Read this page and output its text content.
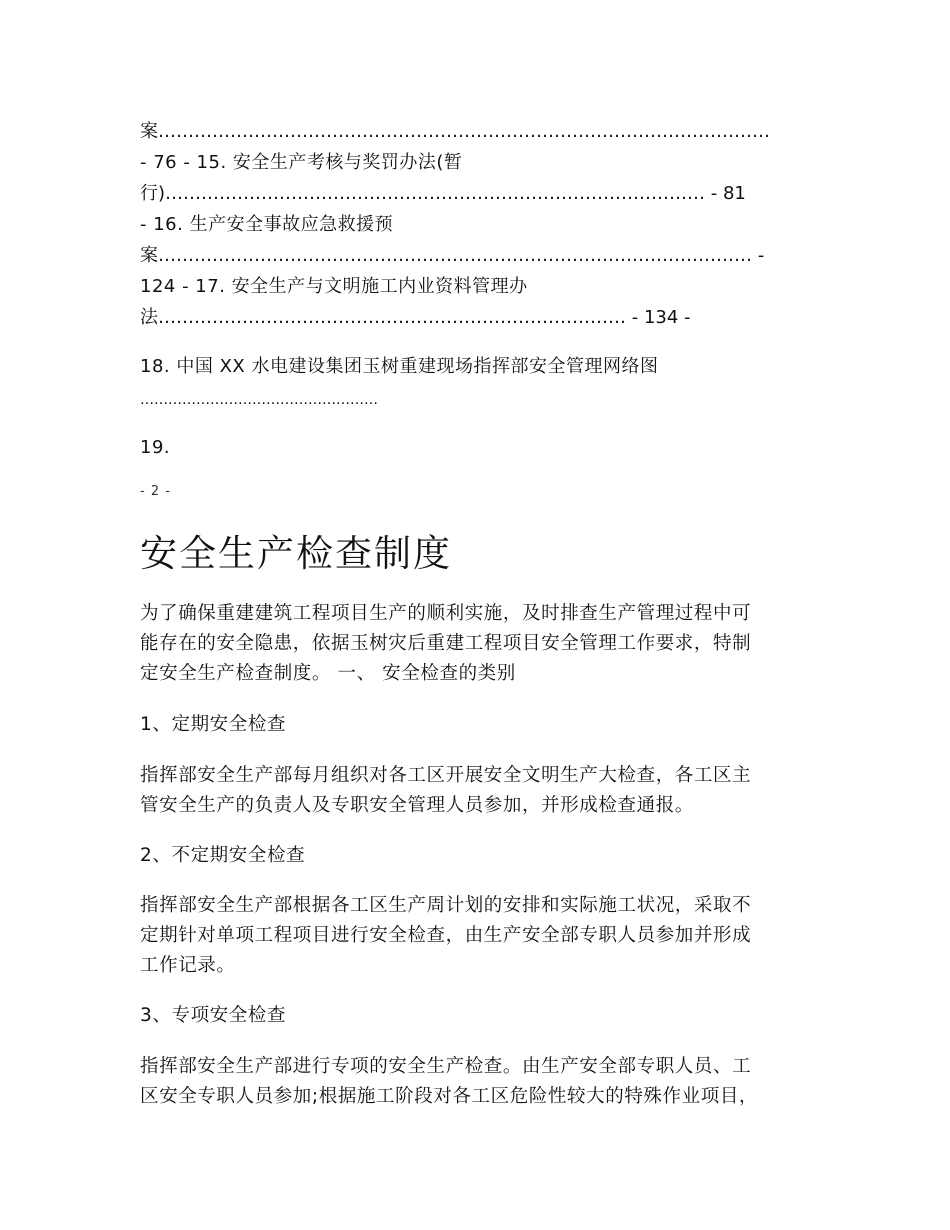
案…………………………………………………………………………………………
- 76 - 15. 安全生产考核与奖罚办法(暂
行)……………………………………………………………………………… - 81
- 16. 生产安全事故应急救援预
案……………………………………………………………………………………… -
124 - 17. 安全生产与文明施工内业资料管理办
法…………………………………………………………………… - 134 -
18. 中国 XX 水电建设集团玉树重建现场指挥部安全管理网络图
……………………………………………
19.
- 2 -
安全生产检查制度
为了确保重建建筑工程项目生产的顺利实施，及时排查生产管理过程中可
能存在的安全隐患，依据玉树灾后重建工程项目安全管理工作要求，特制
定安全生产检查制度。 一、 安全检查的类别
1、定期安全检查
指挥部安全生产部每月组织对各工区开展安全文明生产大检查，各工区主
管安全生产的负责人及专职安全管理人员参加，并形成检查通报。
2、不定期安全检查
指挥部安全生产部根据各工区生产周计划的安排和实际施工状况，采取不
定期针对单项工程项目进行安全检查，由生产安全部专职人员参加并形成
工作记录。
3、专项安全检查
指挥部安全生产部进行专项的安全生产检查。由生产安全部专职人员、工
区安全专职人员参加;根据施工阶段对各工区危险性较大的特殊作业项目，
